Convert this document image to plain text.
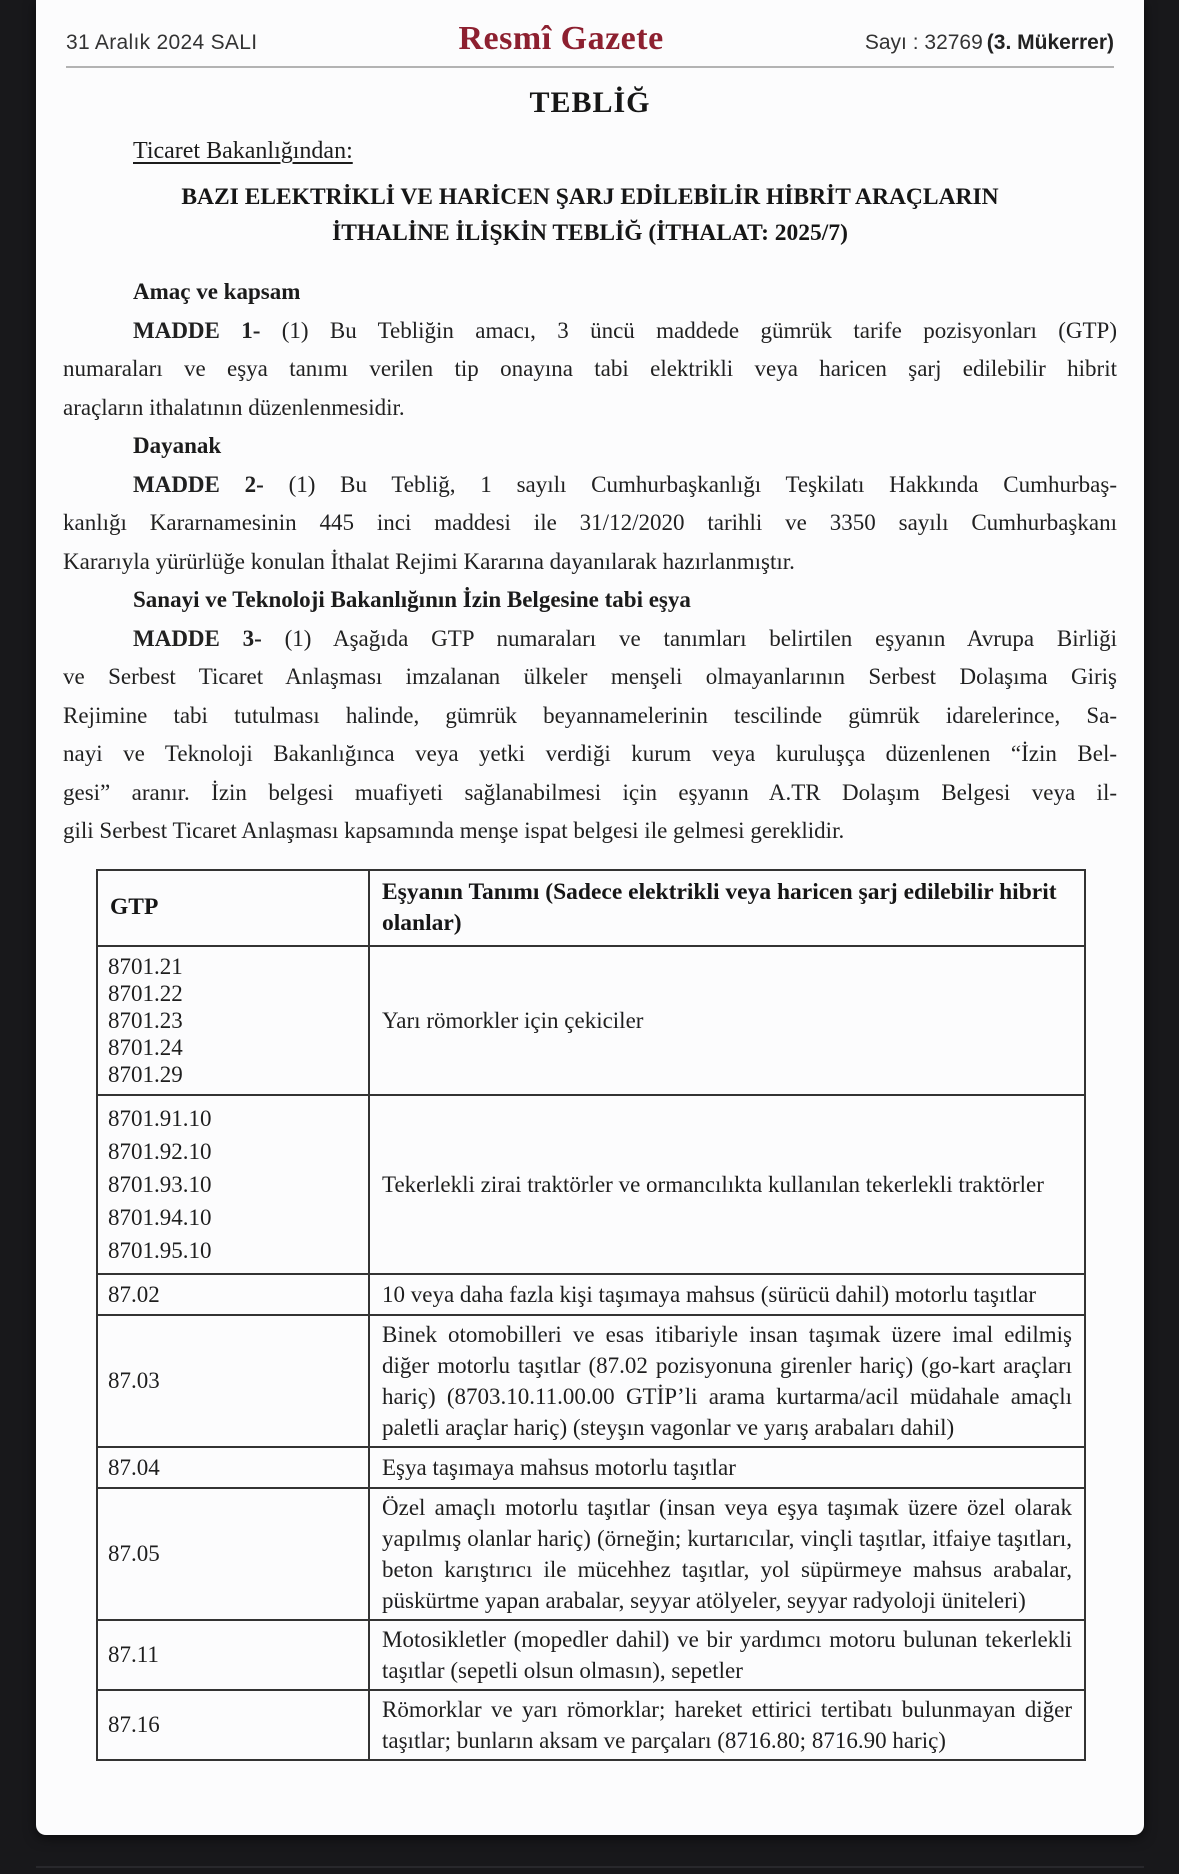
31 Aralık 2024 SALI	Resmî Gazete	Sayı : 32769 (3. Mükerrer)
TEBLİĞ
Ticaret Bakanlığından:
BAZI ELEKTRİKLİ VE HARİCEN ŞARJ EDİLEBİLİR HİBRİT ARAÇLARIN
İTHALİNE İLİŞKİN TEBLİĞ (İTHALAT: 2025/7)
Amaç ve kapsam
MADDE 1- (1) Bu Tebliğin amacı, 3 üncü maddede gümrük tarife pozisyonları (GTP)
numaraları ve eşya tanımı verilen tip onayına tabi elektrikli veya haricen şarj edilebilir hibrit
araçların ithalatının düzenlenmesidir.
Dayanak
MADDE 2- (1) Bu Tebliğ, 1 sayılı Cumhurbaşkanlığı Teşkilatı Hakkında Cumhurbaş-
kanlığı Kararnamesinin 445 inci maddesi ile 31/12/2020 tarihli ve 3350 sayılı Cumhurbaşkanı
Kararıyla yürürlüğe konulan İthalat Rejimi Kararına dayanılarak hazırlanmıştır.
Sanayi ve Teknoloji Bakanlığının İzin Belgesine tabi eşya
MADDE 3- (1) Aşağıda GTP numaraları ve tanımları belirtilen eşyanın Avrupa Birliği
ve Serbest Ticaret Anlaşması imzalanan ülkeler menşeli olmayanlarının Serbest Dolaşıma Giriş
Rejimine tabi tutulması halinde, gümrük beyannamelerinin tescilinde gümrük idarelerince, Sa-
nayi ve Teknoloji Bakanlığınca veya yetki verdiği kurum veya kuruluşça düzenlenen “İzin Bel-
gesi” aranır. İzin belgesi muafiyeti sağlanabilmesi için eşyanın A.TR Dolaşım Belgesi veya il-
gili Serbest Ticaret Anlaşması kapsamında menşe ispat belgesi ile gelmesi gereklidir.
GTP	Eşyanın Tanımı (Sadece elektrikli veya haricen şarj edilebilir hibrit olanlar)

8701.21
8701.22
8701.23
8701.24
8701.29	Yarı römorkler için çekiciler

8701.91.10
8701.92.10
8701.93.10
8701.94.10
8701.95.10	Tekerlekli zirai traktörler ve ormancılıkta kullanılan tekerlekli traktörler

87.02	10 veya daha fazla kişi taşımaya mahsus (sürücü dahil) motorlu taşıtlar

87.03	Binek otomobilleri ve esas itibariyle insan taşımak üzere imal edilmiş diğer motorlu taşıtlar (87.02 pozisyonuna girenler hariç) (go-kart araçları hariç) (8703.10.11.00.00 GTİP’li arama kurtarma/acil müdahale amaçlı paletli araçlar hariç) (steyşın vagonlar ve yarış arabaları dahil)

87.04	Eşya taşımaya mahsus motorlu taşıtlar

87.05	Özel amaçlı motorlu taşıtlar (insan veya eşya taşımak üzere özel olarak yapılmış olanlar hariç) (örneğin; kurtarıcılar, vinçli taşıtlar, itfaiye taşıtları, beton karıştırıcı ile mücehhez taşıtlar, yol süpürmeye mahsus arabalar, püskürtme yapan arabalar, seyyar atölyeler, seyyar radyoloji üniteleri)

87.11	Motosikletler (mopedler dahil) ve bir yardımcı motoru bulunan tekerlekli taşıtlar (sepetli olsun olmasın), sepetler

87.16	Römorklar ve yarı römorklar; hareket ettirici tertibatı bulunmayan diğer taşıtlar; bunların aksam ve parçaları (8716.80; 8716.90 hariç)
